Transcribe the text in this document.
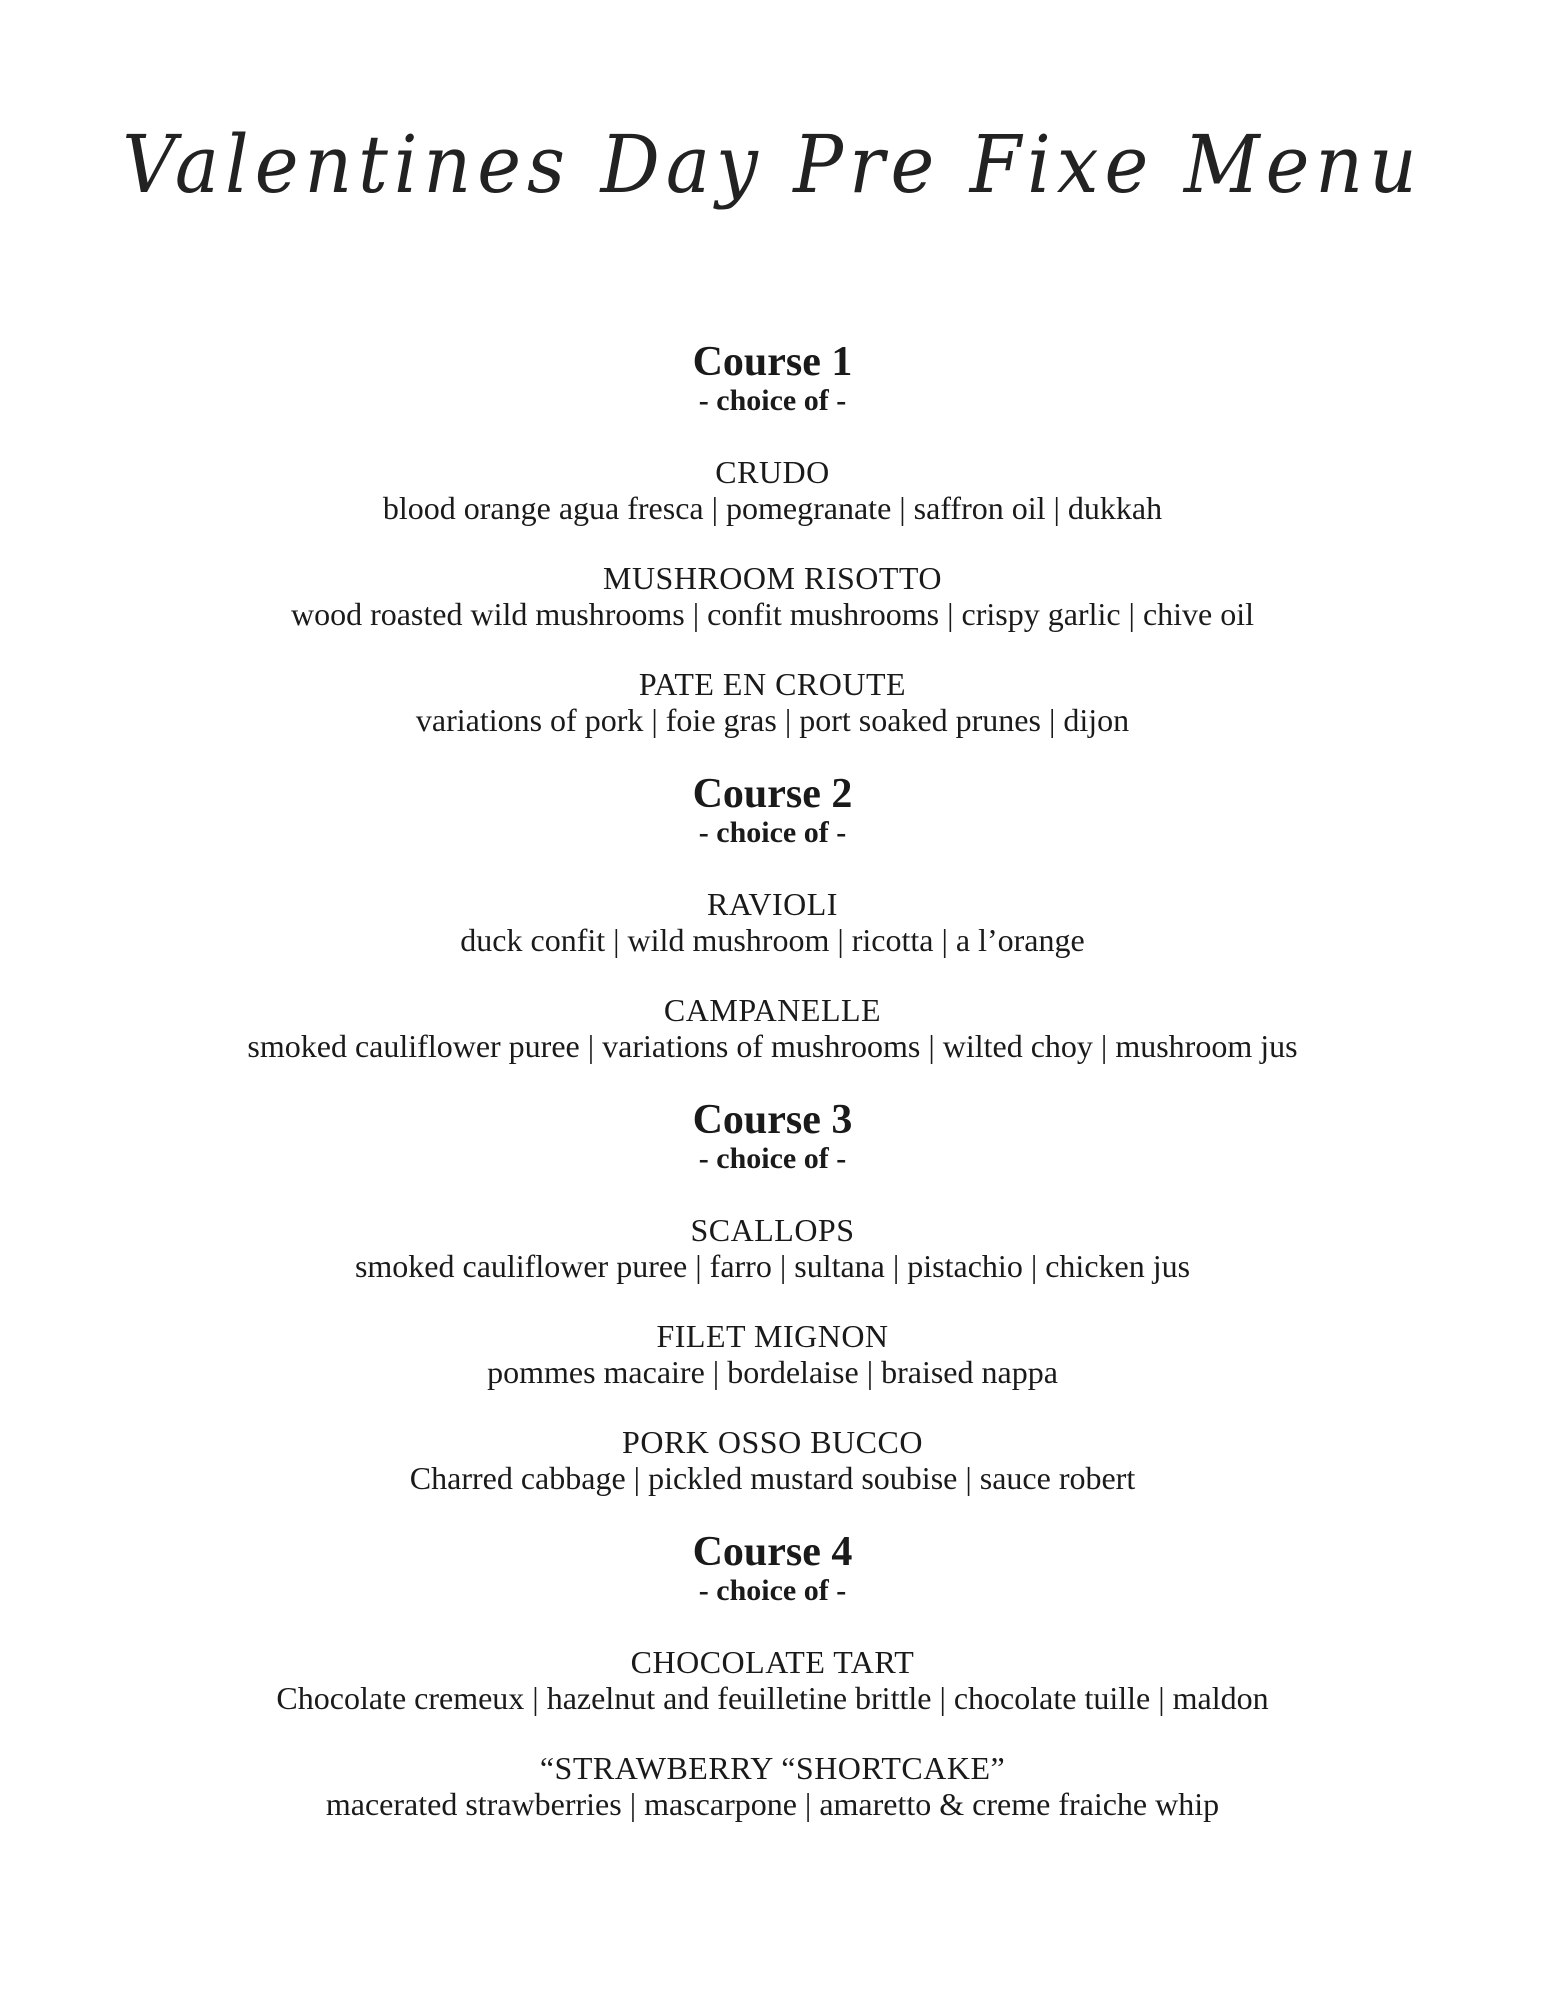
Valentines Day Pre Fixe Menu
Course 1
- choice of -
CRUDO
blood orange agua fresca | pomegranate | saffron oil | dukkah
MUSHROOM RISOTTO
wood roasted wild mushrooms | confit mushrooms | crispy garlic | chive oil
PATE EN CROUTE
variations of pork | foie gras | port soaked prunes | dijon
Course 2
- choice of -
RAVIOLI
duck confit | wild mushroom | ricotta | a l’orange
CAMPANELLE
smoked cauliflower puree | variations of mushrooms | wilted choy | mushroom jus
Course 3
- choice of -
SCALLOPS
smoked cauliflower puree | farro | sultana | pistachio | chicken jus
FILET MIGNON
pommes macaire | bordelaise | braised nappa
PORK OSSO BUCCO
Charred cabbage | pickled mustard soubise | sauce robert
Course 4
- choice of -
CHOCOLATE TART
Chocolate cremeux | hazelnut and feuilletine brittle | chocolate tuille | maldon
“STRAWBERRY “SHORTCAKE”
macerated strawberries | mascarpone | amaretto & creme fraiche whip
